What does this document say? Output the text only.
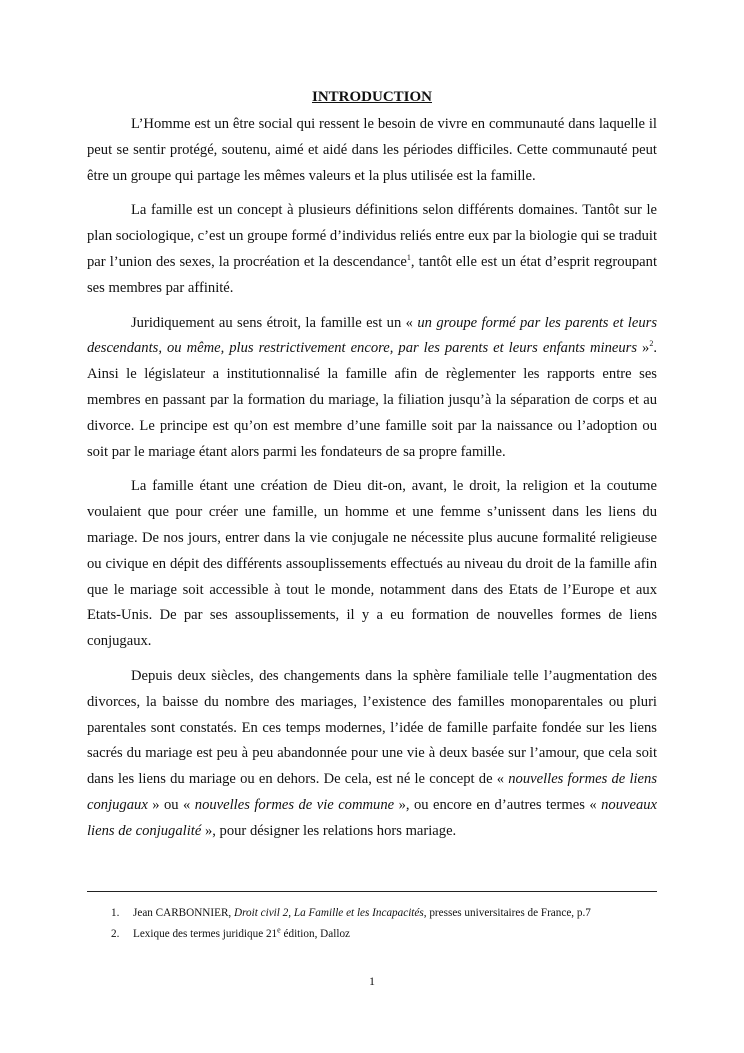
INTRODUCTION

L’Homme est un être social qui ressent le besoin de vivre en communauté dans laquelle il peut se sentir protégé, soutenu, aimé et aidé dans les périodes difficiles. Cette communauté peut être un groupe qui partage les mêmes valeurs et la plus utilisée est la famille.

La famille est un concept à plusieurs définitions selon différents domaines. Tantôt sur le plan sociologique, c’est un groupe formé d’individus reliés entre eux par la biologie qui se traduit par l’union des sexes, la procréation et la descendance$^1$, tantôt elle est un état d’esprit regroupant ses membres par affinité.

Juridiquement au sens étroit, la famille est un « un groupe formé par les parents et leurs descendants, ou même, plus restrictivement encore, par les parents et leurs enfants mineurs »$^2$. Ainsi le législateur a institutionnalisé la famille afin de règlementer les rapports entre ses membres en passant par la formation du mariage, la filiation jusqu’à la séparation de corps et au divorce. Le principe est qu’on est membre d’une famille soit par la naissance ou l’adoption ou soit par le mariage étant alors parmi les fondateurs de sa propre famille.

La famille étant une création de Dieu dit-on, avant, le droit, la religion et la coutume voulaient que pour créer une famille, un homme et une femme s’unissent dans les liens du mariage. De nos jours, entrer dans la vie conjugale ne nécessite plus aucune formalité religieuse ou civique en dépit des différents assouplissements effectués au niveau du droit de la famille afin que le mariage soit accessible à tout le monde, notamment dans des Etats de l’Europe et aux Etats-Unis. De par ses assouplissements, il y a eu formation de nouvelles formes de liens conjugaux.

Depuis deux siècles, des changements dans la sphère familiale telle l’augmentation des divorces, la baisse du nombre des mariages, l’existence des familles monoparentales ou pluri parentales sont constatés. En ces temps modernes, l’idée de famille parfaite fondée sur les liens sacrés du mariage est peu à peu abandonnée pour une vie à deux basée sur l’amour, que cela soit dans les liens du mariage ou en dehors. De cela, est né le concept de « nouvelles formes de liens conjugaux » ou « nouvelles formes de vie commune », ou encore en d’autres termes « nouveaux liens de conjugalité », pour désigner les relations hors mariage.

1. Jean CARBONNIER, Droit civil 2, La Famille et les Incapacités, presses universitaires de France, p.7
2. Lexique des termes juridique 21e édition, Dalloz
1
